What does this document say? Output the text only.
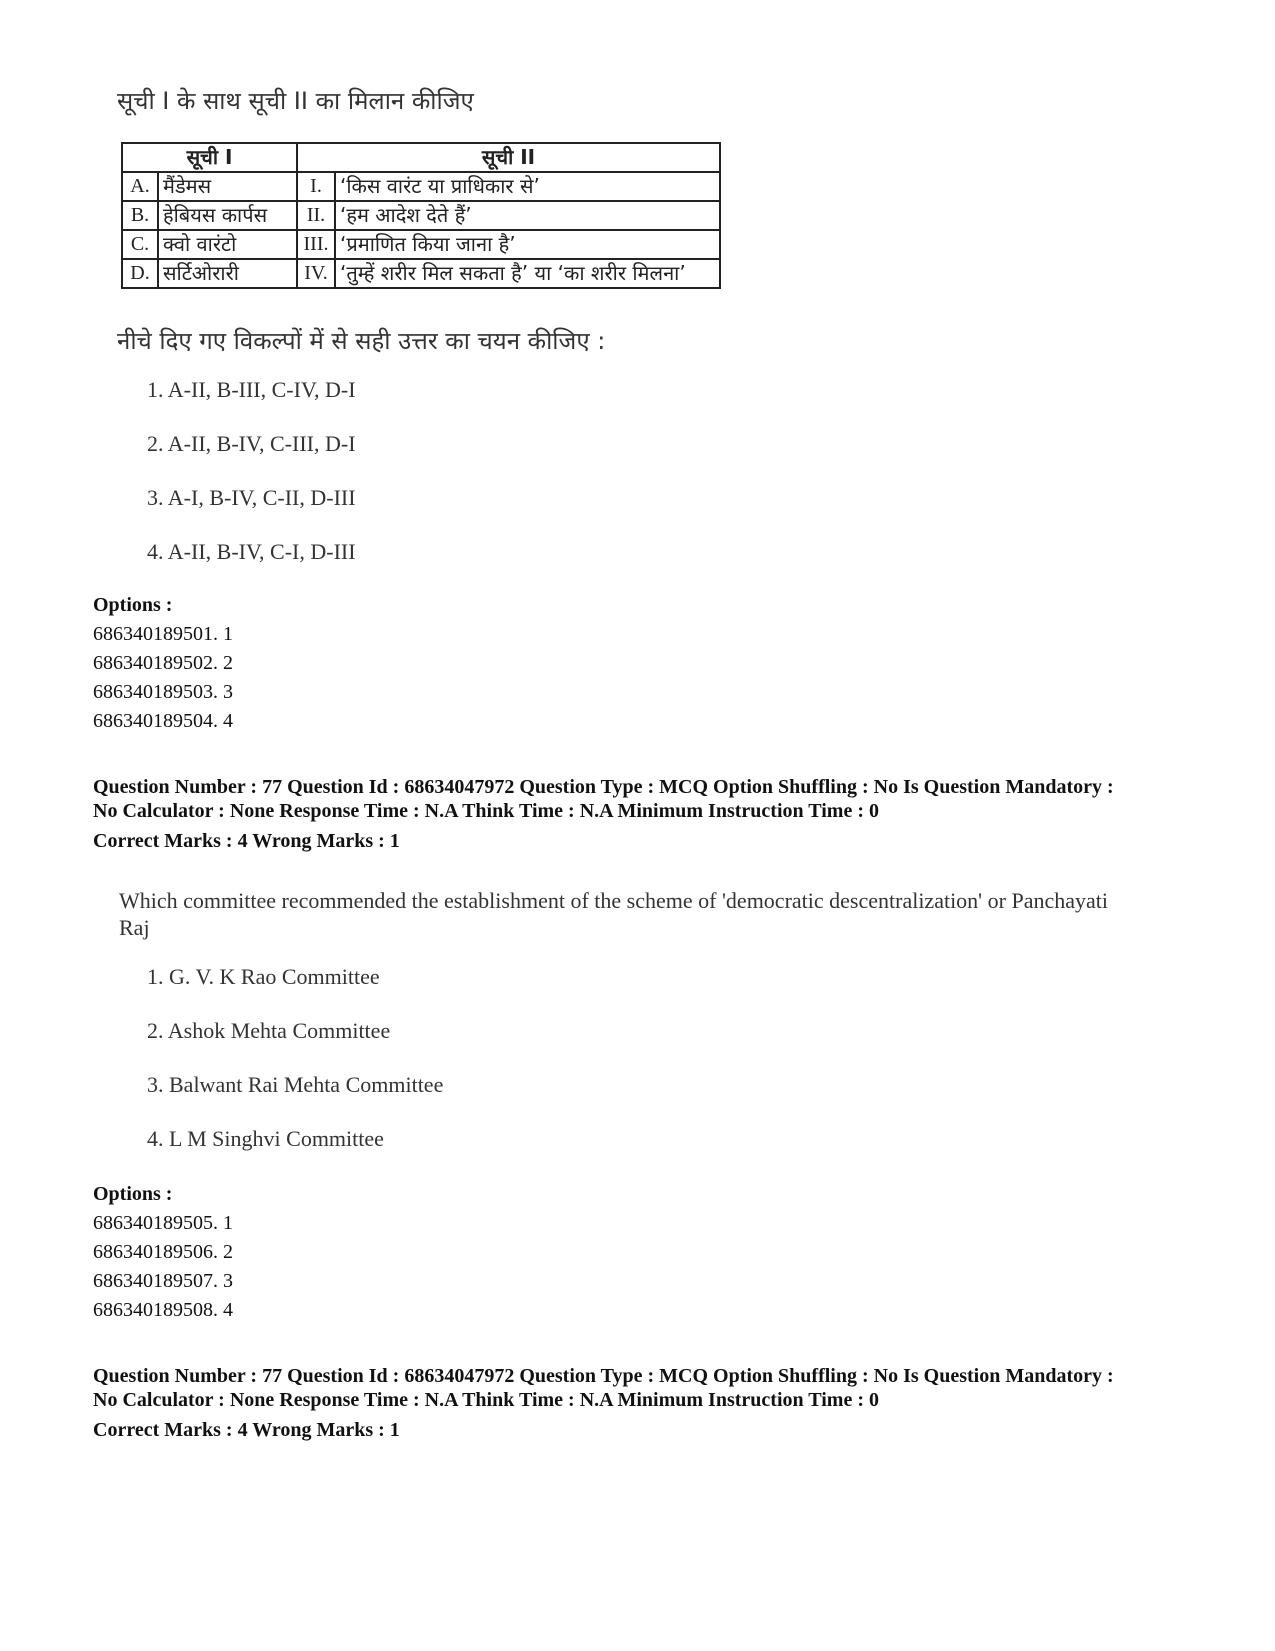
सूची I के साथ सूची II का मिलान कीजिए
सूची I		सूची II	
A.	मैंडेमस	I.	‘किस वारंट या प्राधिकार से’
B.	हेबियस कार्पस	II.	‘हम आदेश देते हैं’
C.	क्वो वारंटो	III.	‘प्रमाणित किया जाना है’
D.	सर्टिओरारी	IV.	‘तुम्हें शरीर मिल सकता है’ या ‘का शरीर मिलना’
नीचे दिए गए विकल्पों में से सही उत्तर का चयन कीजिए :
1. A-II, B-III, C-IV, D-I
2. A-II, B-IV, C-III, D-I
3. A-I, B-IV, C-II, D-III
4. A-II, B-IV, C-I, D-III
Options :
686340189501. 1
686340189502. 2
686340189503. 3
686340189504. 4
Question Number : 77 Question Id : 68634047972 Question Type : MCQ Option Shuffling : No Is Question Mandatory :
No Calculator : None Response Time : N.A Think Time : N.A Minimum Instruction Time : 0
Correct Marks : 4 Wrong Marks : 1
Which committee recommended the establishment of the scheme of 'democratic descentralization' or Panchayati Raj
1. G. V. K Rao Committee
2. Ashok Mehta Committee
3. Balwant Rai Mehta Committee
4. L M Singhvi Committee
Options :
686340189505. 1
686340189506. 2
686340189507. 3
686340189508. 4
Question Number : 77 Question Id : 68634047972 Question Type : MCQ Option Shuffling : No Is Question Mandatory :
No Calculator : None Response Time : N.A Think Time : N.A Minimum Instruction Time : 0
Correct Marks : 4 Wrong Marks : 1
